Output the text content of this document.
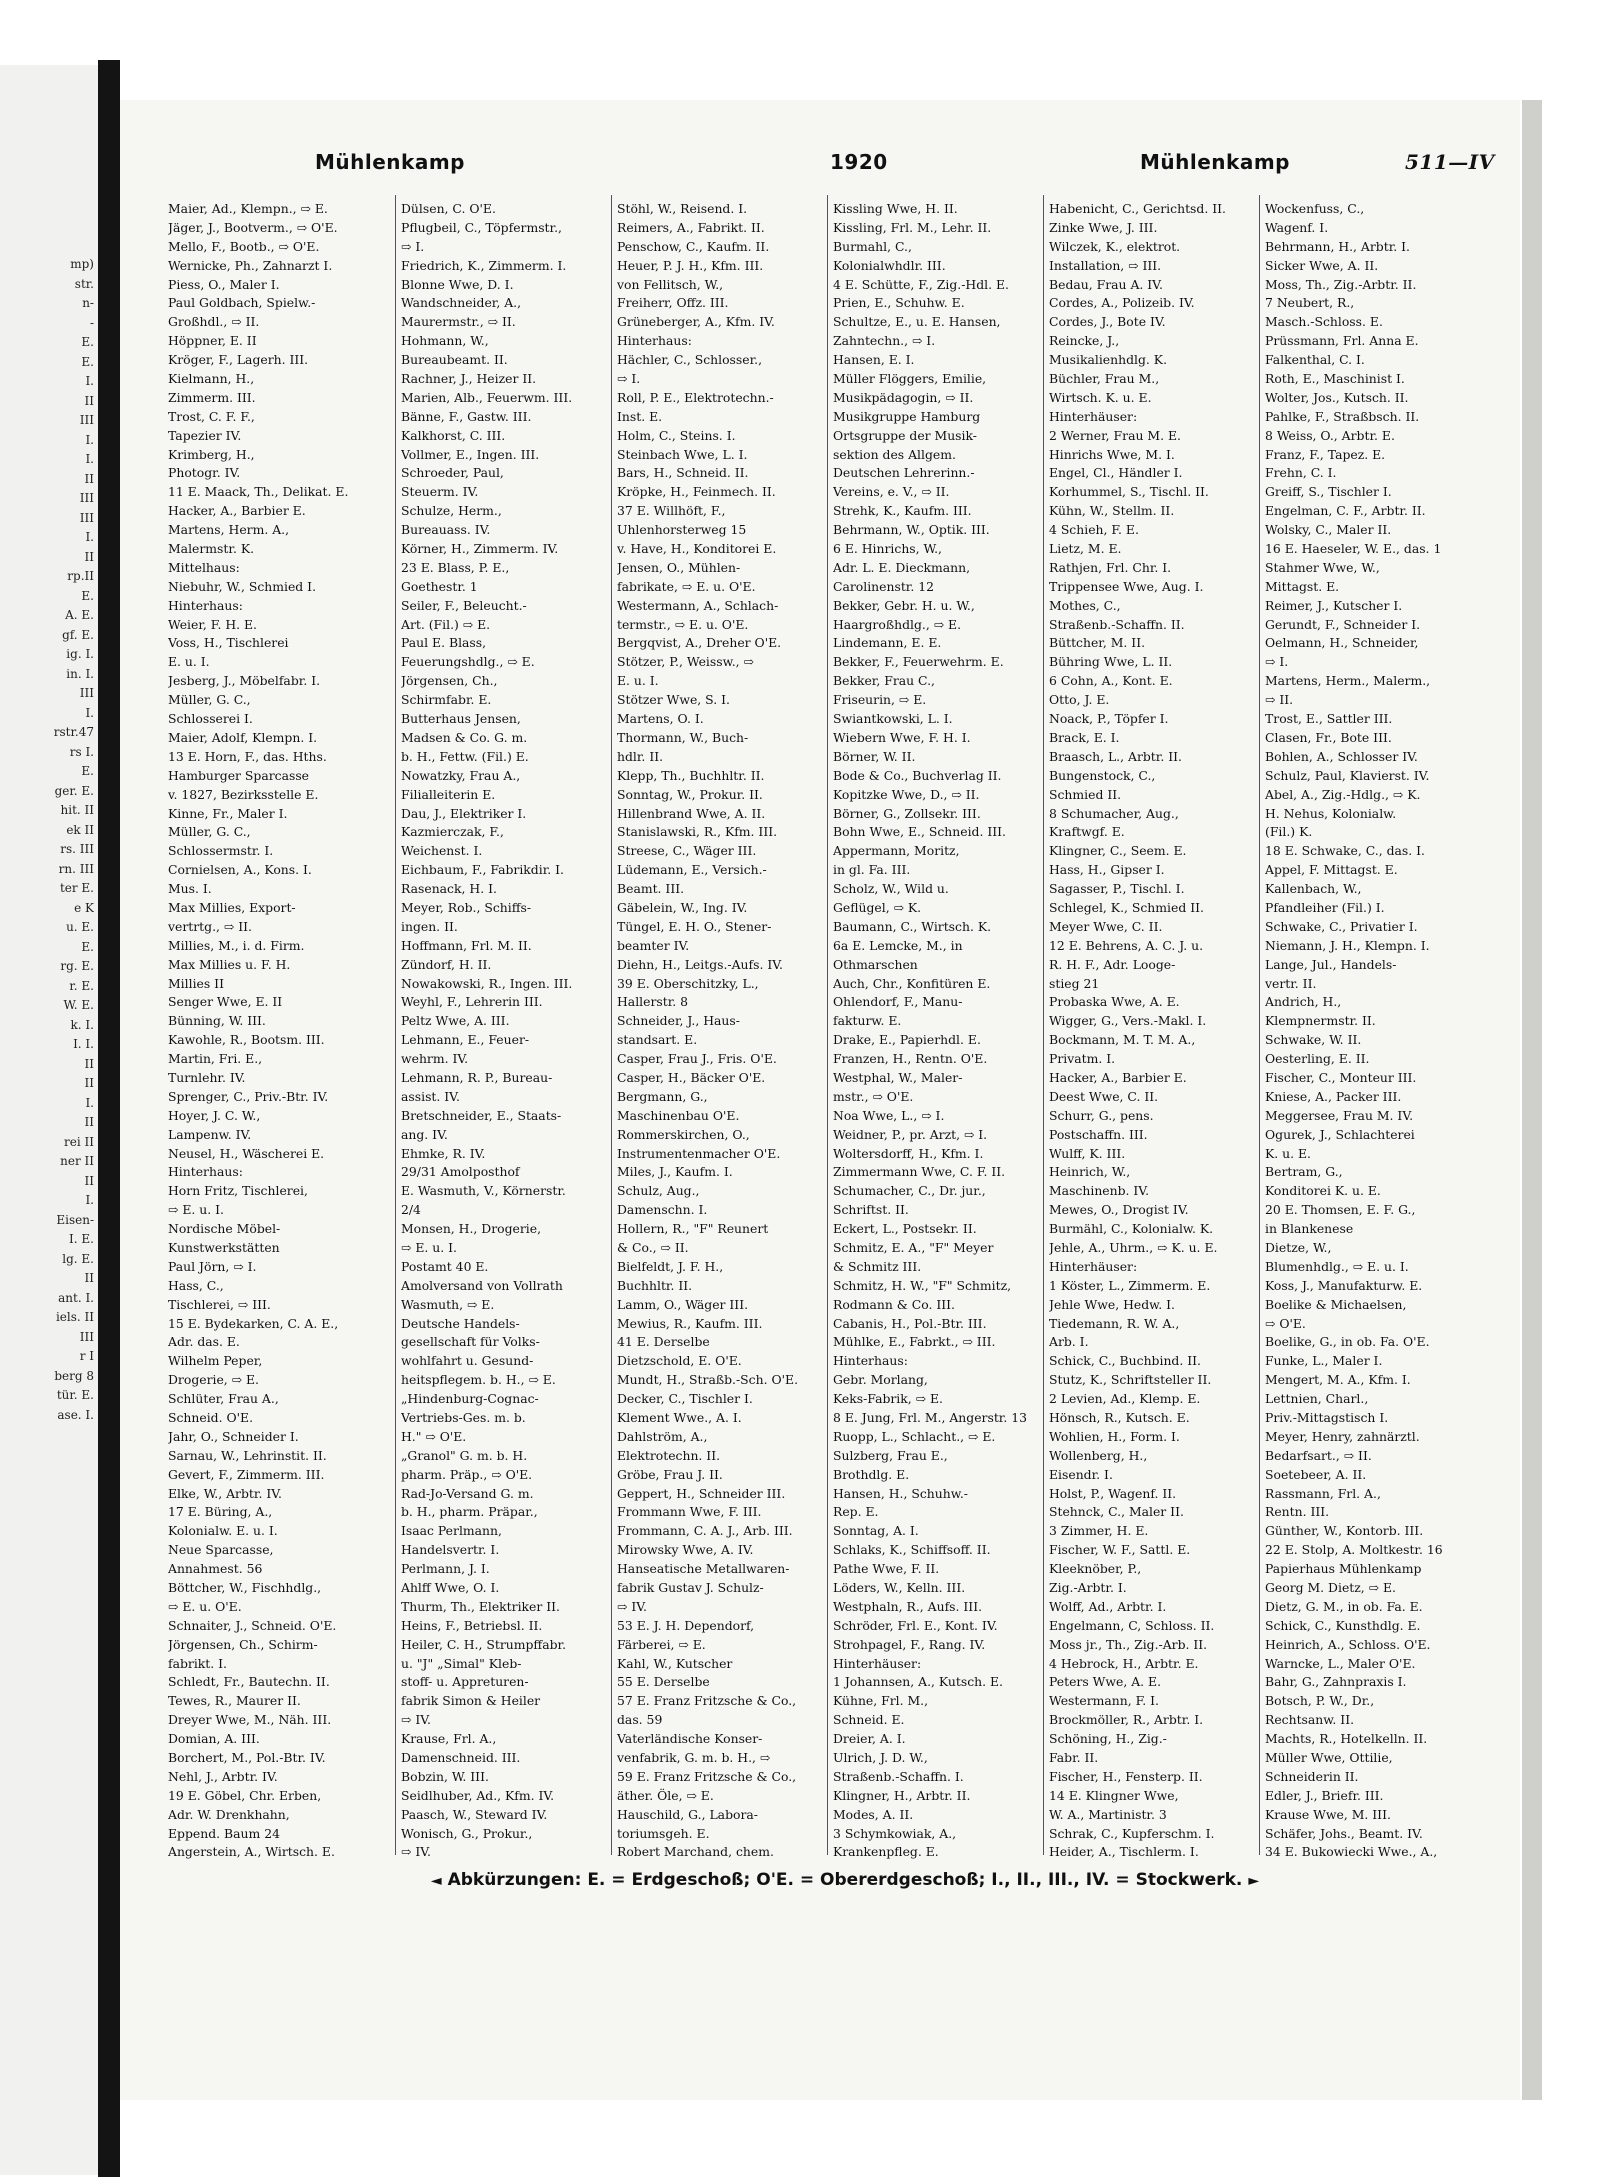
mp)
str.
n-
-
E.
E.
I.
II
III
I.
I.
II
III
III
I.
II
rp.II
E.
A. E.
gf. E.
ig. I.
in. I.
III
I.
rstr.47
rs I.
E.
ger. E.
hit. II
ek II
rs. III
rn. III
ter E.
e K
u. E.
E.
rg. E.
r. E.
W. E.
k. I.
I. I.
II
II
I.
II
rei II
ner II
II
I.
Eisen-
I. E.
lg. E.
II
ant. I.
iels. II
III
r I
berg 8
tür. E.
ase. I.
Mühlenkamp	1920	Mühlenkamp	511—IV
Maier, Ad., Klempn., ⇨ E.
Jäger, J., Bootverm., ⇨ O'E.
Mello, F., Bootb., ⇨ O'E.
Wernicke, Ph., Zahnarzt I.
Piess, O., Maler I.
Paul Goldbach, Spielw.-
Großhdl., ⇨ II.
Höppner, E. II
Kröger, F., Lagerh. III.
Kielmann, H.,
Zimmerm. III.
Trost, C. F. F.,
Tapezier IV.
Krimberg, H.,
Photogr. IV.
11 E. Maack, Th., Delikat. E.
Hacker, A., Barbier E.
Martens, Herm. A.,
Malermstr. K.
Mittelhaus:
Niebuhr, W., Schmied I.
Hinterhaus:
Weier, F. H. E.
Voss, H., Tischlerei
E. u. I.
Jesberg, J., Möbelfabr. I.
Müller, G. C.,
Schlosserei I.
Maier, Adolf, Klempn. I.
13 E. Horn, F., das. Hths.
Hamburger Sparcasse
v. 1827, Bezirksstelle E.
Kinne, Fr., Maler I.
Müller, G. C.,
Schlossermstr. I.
Cornielsen, A., Kons. I.
Mus. I.
Max Millies, Export-
vertrtg., ⇨ II.
Millies, M., i. d. Firm.
Max Millies u. F. H.
Millies II
Senger Wwe, E. II
Bünning, W. III.
Kawohle, R., Bootsm. III.
Martin, Fri. E.,
Turnlehr. IV.
Sprenger, C., Priv.-Btr. IV.
Hoyer, J. C. W.,
Lampenw. IV.
Neusel, H., Wäscherei E.
Hinterhaus:
Horn Fritz, Tischlerei,
⇨ E. u. I.
Nordische Möbel-
Kunstwerkstätten
Paul Jörn, ⇨ I.
Hass, C.,
Tischlerei, ⇨ III.
15 E. Bydekarken, C. A. E.,
Adr. das. E.
Wilhelm Peper,
Drogerie, ⇨ E.
Schlüter, Frau A.,
Schneid. O'E.
Jahr, O., Schneider I.
Sarnau, W., Lehrinstit. II.
Gevert, F., Zimmerm. III.
Elke, W., Arbtr. IV.
17 E. Büring, A.,
Kolonialw. E. u. I.
Neue Sparcasse,
Annahmest. 56
Böttcher, W., Fischhdlg.,
⇨ E. u. O'E.
Schnaiter, J., Schneid. O'E.
Jörgensen, Ch., Schirm-
fabrikt. I.
Schledt, Fr., Bautechn. II.
Tewes, R., Maurer II.
Dreyer Wwe, M., Näh. III.
Domian, A. III.
Borchert, M., Pol.-Btr. IV.
Nehl, J., Arbtr. IV.
19 E. Göbel, Chr. Erben,
Adr. W. Drenkhahn,
Eppend. Baum 24
Angerstein, A., Wirtsch. E.
Dülsen, C. O'E.
Pflugbeil, C., Töpfermstr.,
⇨ I.
Friedrich, K., Zimmerm. I.
Blonne Wwe, D. I.
Wandschneider, A.,
Maurermstr., ⇨ II.
Hohmann, W.,
Bureaubeamt. II.
Rachner, J., Heizer II.
Marien, Alb., Feuerwm. III.
Bänne, F., Gastw. III.
Kalkhorst, C. III.
Vollmer, E., Ingen. III.
Schroeder, Paul,
Steuerm. IV.
Schulze, Herm.,
Bureauass. IV.
Körner, H., Zimmerm. IV.
23 E. Blass, P. E.,
Goethestr. 1
Seiler, F., Beleucht.-
Art. (Fil.) ⇨ E.
Paul E. Blass,
Feuerungshdlg., ⇨ E.
Jörgensen, Ch.,
Schirmfabr. E.
Butterhaus Jensen,
Madsen & Co. G. m.
b. H., Fettw. (Fil.) E.
Nowatzky, Frau A.,
Filialleiterin E.
Dau, J., Elektriker I.
Kazmierczak, F.,
Weichenst. I.
Eichbaum, F., Fabrikdir. I.
Rasenack, H. I.
Meyer, Rob., Schiffs-
ingen. II.
Hoffmann, Frl. M. II.
Zündorf, H. II.
Nowakowski, R., Ingen. III.
Weyhl, F., Lehrerin III.
Peltz Wwe, A. III.
Lehmann, E., Feuer-
wehrm. IV.
Lehmann, R. P., Bureau-
assist. IV.
Bretschneider, E., Staats-
ang. IV.
Ehmke, R. IV.
29/31 Amolposthof
E. Wasmuth, V., Körnerstr.
2/4
Monsen, H., Drogerie,
⇨ E. u. I.
Postamt 40 E.
Amolversand von Vollrath
Wasmuth, ⇨ E.
Deutsche Handels-
gesellschaft für Volks-
wohlfahrt u. Gesund-
heitspflegem. b. H., ⇨ E.
„Hindenburg-Cognac-
Vertriebs-Ges. m. b.
H." ⇨ O'E.
„Granol" G. m. b. H.
pharm. Präp., ⇨ O'E.
Rad-Jo-Versand G. m.
b. H., pharm. Präpar.,
Isaac Perlmann,
Handelsvertr. I.
Perlmann, J. I.
Ahlff Wwe, O. I.
Thurm, Th., Elektriker II.
Heins, F., Betriebsl. II.
Heiler, C. H., Strumpffabr.
u. "J" „Simal" Kleb-
stoff- u. Appreturen-
fabrik Simon & Heiler
⇨ IV.
Krause, Frl. A.,
Damenschneid. III.
Bobzin, W. III.
Seidlhuber, Ad., Kfm. IV.
Paasch, W., Steward IV.
Wonisch, G., Prokur.,
⇨ IV.
Stöhl, W., Reisend. I.
Reimers, A., Fabrikt. II.
Penschow, C., Kaufm. II.
Heuer, P. J. H., Kfm. III.
von Fellitsch, W.,
Freiherr, Offz. III.
Grüneberger, A., Kfm. IV.
Hinterhaus:
Hächler, C., Schlosser.,
⇨ I.
Roll, P. E., Elektrotechn.-
Inst. E.
Holm, C., Steins. I.
Steinbach Wwe, L. I.
Bars, H., Schneid. II.
Kröpke, H., Feinmech. II.
37 E. Willhöft, F.,
Uhlenhorsterweg 15
v. Have, H., Konditorei E.
Jensen, O., Mühlen-
fabrikate, ⇨ E. u. O'E.
Westermann, A., Schlach-
termstr., ⇨ E. u. O'E.
Bergqvist, A., Dreher O'E.
Stötzer, P., Weissw., ⇨
E. u. I.
Stötzer Wwe, S. I.
Martens, O. I.
Thormann, W., Buch-
hdlr. II.
Klepp, Th., Buchhltr. II.
Sonntag, W., Prokur. II.
Hillenbrand Wwe, A. II.
Stanislawski, R., Kfm. III.
Streese, C., Wäger III.
Lüdemann, E., Versich.-
Beamt. III.
Gäbelein, W., Ing. IV.
Tüngel, E. H. O., Stener-
beamter IV.
Diehn, H., Leitgs.-Aufs. IV.
39 E. Oberschitzky, L.,
Hallerstr. 8
Schneider, J., Haus-
standsart. E.
Casper, Frau J., Fris. O'E.
Casper, H., Bäcker O'E.
Bergmann, G.,
Maschinenbau O'E.
Rommerskirchen, O.,
Instrumentenmacher O'E.
Miles, J., Kaufm. I.
Schulz, Aug.,
Damenschn. I.
Hollern, R., "F" Reunert
& Co., ⇨ II.
Bielfeldt, J. F. H.,
Buchhltr. II.
Lamm, O., Wäger III.
Mewius, R., Kaufm. III.
41 E. Derselbe
Dietzschold, E. O'E.
Mundt, H., Straßb.-Sch. O'E.
Decker, C., Tischler I.
Klement Wwe., A. I.
Dahlström, A.,
Elektrotechn. II.
Gröbe, Frau J. II.
Geppert, H., Schneider III.
Frommann Wwe, F. III.
Frommann, C. A. J., Arb. III.
Mirowsky Wwe, A. IV.
Hanseatische Metallwaren-
fabrik Gustav J. Schulz-
⇨ IV.
53 E. J. H. Dependorf,
Färberei, ⇨ E.
Kahl, W., Kutscher
55 E. Derselbe
57 E. Franz Fritzsche & Co.,
das. 59
Vaterländische Konser-
venfabrik, G. m. b. H., ⇨
59 E. Franz Fritzsche & Co.,
äther. Öle, ⇨ E.
Hauschild, G., Labora-
toriumsgeh. E.
Robert Marchand, chem.
Kissling Wwe, H. II.
Kissling, Frl. M., Lehr. II.
Burmahl, C.,
Kolonialwhdlr. III.
4 E. Schütte, F., Zig.-Hdl. E.
Prien, E., Schuhw. E.
Schultze, E., u. E. Hansen,
Zahntechn., ⇨ I.
Hansen, E. I.
Müller Flöggers, Emilie,
Musikpädagogin, ⇨ II.
Musikgruppe Hamburg
Ortsgruppe der Musik-
sektion des Allgem.
Deutschen Lehrerinn.-
Vereins, e. V., ⇨ II.
Strehk, K., Kaufm. III.
Behrmann, W., Optik. III.
6 E. Hinrichs, W.,
Adr. L. E. Dieckmann,
Carolinenstr. 12
Bekker, Gebr. H. u. W.,
Haargroßhdlg., ⇨ E.
Lindemann, E. E.
Bekker, F., Feuerwehrm. E.
Bekker, Frau C.,
Friseurin, ⇨ E.
Swiantkowski, L. I.
Wiebern Wwe, F. H. I.
Börner, W. II.
Bode & Co., Buchverlag II.
Kopitzke Wwe, D., ⇨ II.
Börner, G., Zollsekr. III.
Bohn Wwe, E., Schneid. III.
Appermann, Moritz,
in gl. Fa. III.
Scholz, W., Wild u.
Geflügel, ⇨ K.
Baumann, C., Wirtsch. K.
6a E. Lemcke, M., in
Othmarschen
Auch, Chr., Konfitüren E.
Ohlendorf, F., Manu-
fakturw. E.
Drake, E., Papierhdl. E.
Franzen, H., Rentn. O'E.
Westphal, W., Maler-
mstr., ⇨ O'E.
Noa Wwe, L., ⇨ I.
Weidner, P., pr. Arzt, ⇨ I.
Woltersdorff, H., Kfm. I.
Zimmermann Wwe, C. F. II.
Schumacher, C., Dr. jur.,
Schriftst. II.
Eckert, L., Postsekr. II.
Schmitz, E. A., "F" Meyer
& Schmitz III.
Schmitz, H. W., "F" Schmitz,
Rodmann & Co. III.
Cabanis, H., Pol.-Btr. III.
Mühlke, E., Fabrkt., ⇨ III.
Hinterhaus:
Gebr. Morlang,
Keks-Fabrik, ⇨ E.
8 E. Jung, Frl. M., Angerstr. 13
Ruopp, L., Schlacht., ⇨ E.
Sulzberg, Frau E.,
Brothdlg. E.
Hansen, H., Schuhw.-
Rep. E.
Sonntag, A. I.
Schlaks, K., Schiffsoff. II.
Pathe Wwe, F. II.
Löders, W., Kelln. III.
Westphaln, R., Aufs. III.
Schröder, Frl. E., Kont. IV.
Strohpagel, F., Rang. IV.
Hinterhäuser:
1 Johannsen, A., Kutsch. E.
Kühne, Frl. M.,
Schneid. E.
Dreier, A. I.
Ulrich, J. D. W.,
Straßenb.-Schaffn. I.
Klingner, H., Arbtr. II.
Modes, A. II.
3 Schymkowiak, A.,
Krankenpfleg. E.
Habenicht, C., Gerichtsd. II.
Zinke Wwe, J. III.
Wilczek, K., elektrot.
Installation, ⇨ III.
Bedau, Frau A. IV.
Cordes, A., Polizeib. IV.
Cordes, J., Bote IV.
Reincke, J.,
Musikalienhdlg. K.
Büchler, Frau M.,
Wirtsch. K. u. E.
Hinterhäuser:
2 Werner, Frau M. E.
Hinrichs Wwe, M. I.
Engel, Cl., Händler I.
Korhummel, S., Tischl. II.
Kühn, W., Stellm. II.
4 Schieh, F. E.
Lietz, M. E.
Rathjen, Frl. Chr. I.
Trippensee Wwe, Aug. I.
Mothes, C.,
Straßenb.-Schaffn. II.
Büttcher, M. II.
Bühring Wwe, L. II.
6 Cohn, A., Kont. E.
Otto, J. E.
Noack, P., Töpfer I.
Brack, E. I.
Braasch, L., Arbtr. II.
Bungenstock, C.,
Schmied II.
8 Schumacher, Aug.,
Kraftwgf. E.
Klingner, C., Seem. E.
Hass, H., Gipser I.
Sagasser, P., Tischl. I.
Schlegel, K., Schmied II.
Meyer Wwe, C. II.
12 E. Behrens, A. C. J. u.
R. H. F., Adr. Looge-
stieg 21
Probaska Wwe, A. E.
Wigger, G., Vers.-Makl. I.
Bockmann, M. T. M. A.,
Privatm. I.
Hacker, A., Barbier E.
Deest Wwe, C. II.
Schurr, G., pens.
Postschaffn. III.
Wulff, K. III.
Heinrich, W.,
Maschinenb. IV.
Mewes, O., Drogist IV.
Burmähl, C., Kolonialw. K.
Jehle, A., Uhrm., ⇨ K. u. E.
Hinterhäuser:
1 Köster, L., Zimmerm. E.
Jehle Wwe, Hedw. I.
Tiedemann, R. W. A.,
Arb. I.
Schick, C., Buchbind. II.
Stutz, K., Schriftsteller II.
2 Levien, Ad., Klemp. E.
Hönsch, R., Kutsch. E.
Wohlien, H., Form. I.
Wollenberg, H.,
Eisendr. I.
Holst, P., Wagenf. II.
Stehnck, C., Maler II.
3 Zimmer, H. E.
Fischer, W. F., Sattl. E.
Kleeknöber, P.,
Zig.-Arbtr. I.
Wolff, Ad., Arbtr. I.
Engelmann, C, Schloss. II.
Moss jr., Th., Zig.-Arb. II.
4 Hebrock, H., Arbtr. E.
Peters Wwe, A. E.
Westermann, F. I.
Brockmöller, R., Arbtr. I.
Schöning, H., Zig.-
Fabr. II.
Fischer, H., Fensterp. II.
14 E. Klingner Wwe,
W. A., Martinistr. 3
Schrak, C., Kupferschm. I.
Heider, A., Tischlerm. I.
Wockenfuss, C.,
Wagenf. I.
Behrmann, H., Arbtr. I.
Sicker Wwe, A. II.
Moss, Th., Zig.-Arbtr. II.
7 Neubert, R.,
Masch.-Schloss. E.
Prüssmann, Frl. Anna E.
Falkenthal, C. I.
Roth, E., Maschinist I.
Wolter, Jos., Kutsch. II.
Pahlke, F., Straßbsch. II.
8 Weiss, O., Arbtr. E.
Franz, F., Tapez. E.
Frehn, C. I.
Greiff, S., Tischler I.
Engelman, C. F., Arbtr. II.
Wolsky, C., Maler II.
16 E. Haeseler, W. E., das. 1
Stahmer Wwe, W.,
Mittagst. E.
Reimer, J., Kutscher I.
Gerundt, F., Schneider I.
Oelmann, H., Schneider,
⇨ I.
Martens, Herm., Malerm.,
⇨ II.
Trost, E., Sattler III.
Clasen, Fr., Bote III.
Bohlen, A., Schlosser IV.
Schulz, Paul, Klavierst. IV.
Abel, A., Zig.-Hdlg., ⇨ K.
H. Nehus, Kolonialw.
(Fil.) K.
18 E. Schwake, C., das. I.
Appel, F. Mittagst. E.
Kallenbach, W.,
Pfandleiher (Fil.) I.
Schwake, C., Privatier I.
Niemann, J. H., Klempn. I.
Lange, Jul., Handels-
vertr. II.
Andrich, H.,
Klempnermstr. II.
Schwake, W. II.
Oesterling, E. II.
Fischer, C., Monteur III.
Kniese, A., Packer III.
Meggersee, Frau M. IV.
Ogurek, J., Schlachterei
K. u. E.
Bertram, G.,
Konditorei K. u. E.
20 E. Thomsen, E. F. G.,
in Blankenese
Dietze, W.,
Blumenhdlg., ⇨ E. u. I.
Koss, J., Manufakturw. E.
Boelike & Michaelsen,
⇨ O'E.
Boelike, G., in ob. Fa. O'E.
Funke, L., Maler I.
Mengert, M. A., Kfm. I.
Lettnien, Charl.,
Priv.-Mittagstisch I.
Meyer, Henry, zahnärztl.
Bedarfsart., ⇨ II.
Soetebeer, A. II.
Rassmann, Frl. A.,
Rentn. III.
Günther, W., Kontorb. III.
22 E. Stolp, A. Moltkestr. 16
Papierhaus Mühlenkamp
Georg M. Dietz, ⇨ E.
Dietz, G. M., in ob. Fa. E.
Schick, C., Kunsthdlg. E.
Heinrich, A., Schloss. O'E.
Warncke, L., Maler O'E.
Bahr, G., Zahnpraxis I.
Botsch, P. W., Dr.,
Rechtsanw. II.
Machts, R., Hotelkelln. II.
Müller Wwe, Ottilie,
Schneiderin II.
Edler, J., Briefr. III.
Krause Wwe, M. III.
Schäfer, Johs., Beamt. IV.
34 E. Bukowiecki Wwe., A.,
◄ Abkürzungen: E. = Erdgeschoß; O'E. = Obererdgeschoß; I., II., III., IV. = Stockwerk. ►
